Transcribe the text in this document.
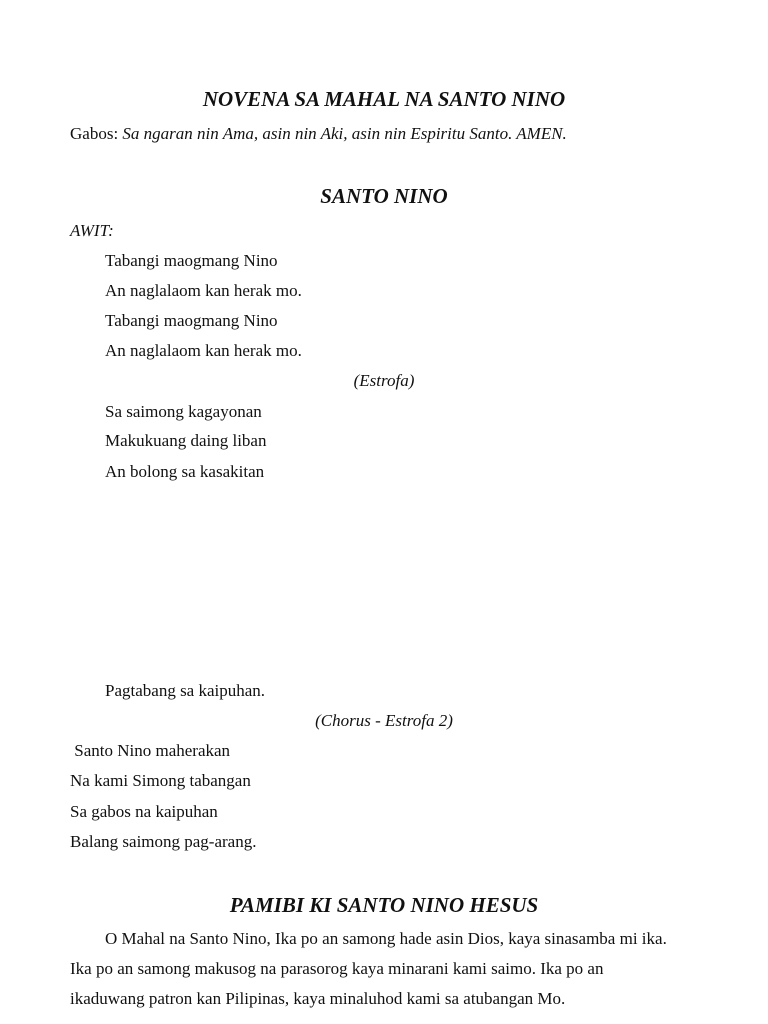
NOVENA SA MAHAL NA SANTO NINO
Gabos: Sa ngaran nin Ama, asin nin Aki, asin nin Espiritu Santo. AMEN.
SANTO NINO
AWIT:
Tabangi maogmang Nino
An naglalaom kan herak mo.
Tabangi maogmang Nino
An naglalaom kan herak mo.
(Estrofa)
Sa saimong kagayonan
Makukuang daing liban
An bolong sa kasakitan
Pagtabang sa kaipuhan.
(Chorus - Estrofa 2)
Santo Nino maherakan
Na kami Simong tabangan
Sa gabos na kaipuhan
Balang saimong pag-arang.
PAMIBI KI SANTO NINO HESUS
O Mahal na Santo Nino, Ika po an samong hade asin Dios, kaya sinasamba mi ika.
Ika po an samong makusog na parasorog kaya minarani kami saimo. Ika po an
ikaduwang patron kan Pilipinas, kaya minaluhod kami sa atubangan Mo.
